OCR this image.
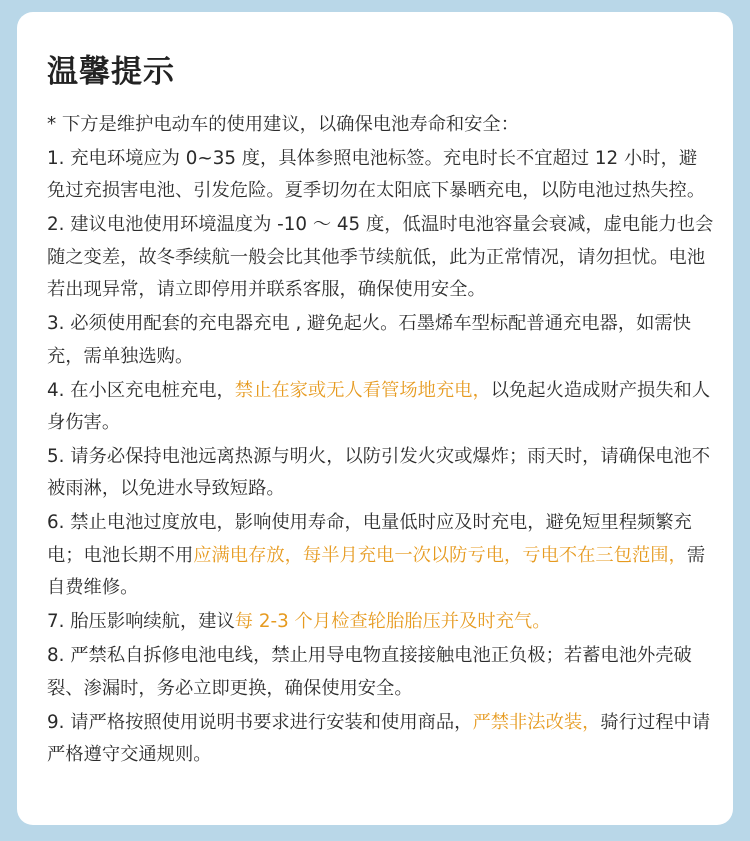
温馨提示

* 下方是维护电动车的使用建议，以确保电池寿命和安全：

1. 充电环境应为 0~35 度，具体参照电池标签。充电时长不宜超过 12 小时，避免过充损害电池、引发危险。夏季切勿在太阳底下暴晒充电，以防电池过热失控。

2. 建议电池使用环境温度为 -10 ～ 45 度，低温时电池容量会衰减，虚电能力也会随之变差，故冬季续航一般会比其他季节续航低，此为正常情况，请勿担忧。电池若出现异常，请立即停用并联系客服，确保使用安全。

3. 必须使用配套的充电器充电 , 避免起火。石墨烯车型标配普通充电器，如需快充，需单独选购。

4. 在小区充电桩充电，禁止在家或无人看管场地充电，以免起火造成财产损失和人身伤害。

5. 请务必保持电池远离热源与明火，以防引发火灾或爆炸；雨天时，请确保电池不被雨淋，以免进水导致短路。

6. 禁止电池过度放电，影响使用寿命，电量低时应及时充电，避免短里程频繁充电；电池长期不用应满电存放，每半月充电一次以防亏电，亏电不在三包范围，需自费维修。

7. 胎压影响续航，建议每 2-3 个月检查轮胎胎压并及时充气。

8. 严禁私自拆修电池电线，禁止用导电物直接接触电池正负极；若蓄电池外壳破裂、渗漏时，务必立即更换，确保使用安全。

9. 请严格按照使用说明书要求进行安装和使用商品，严禁非法改装，骑行过程中请严格遵守交通规则。
